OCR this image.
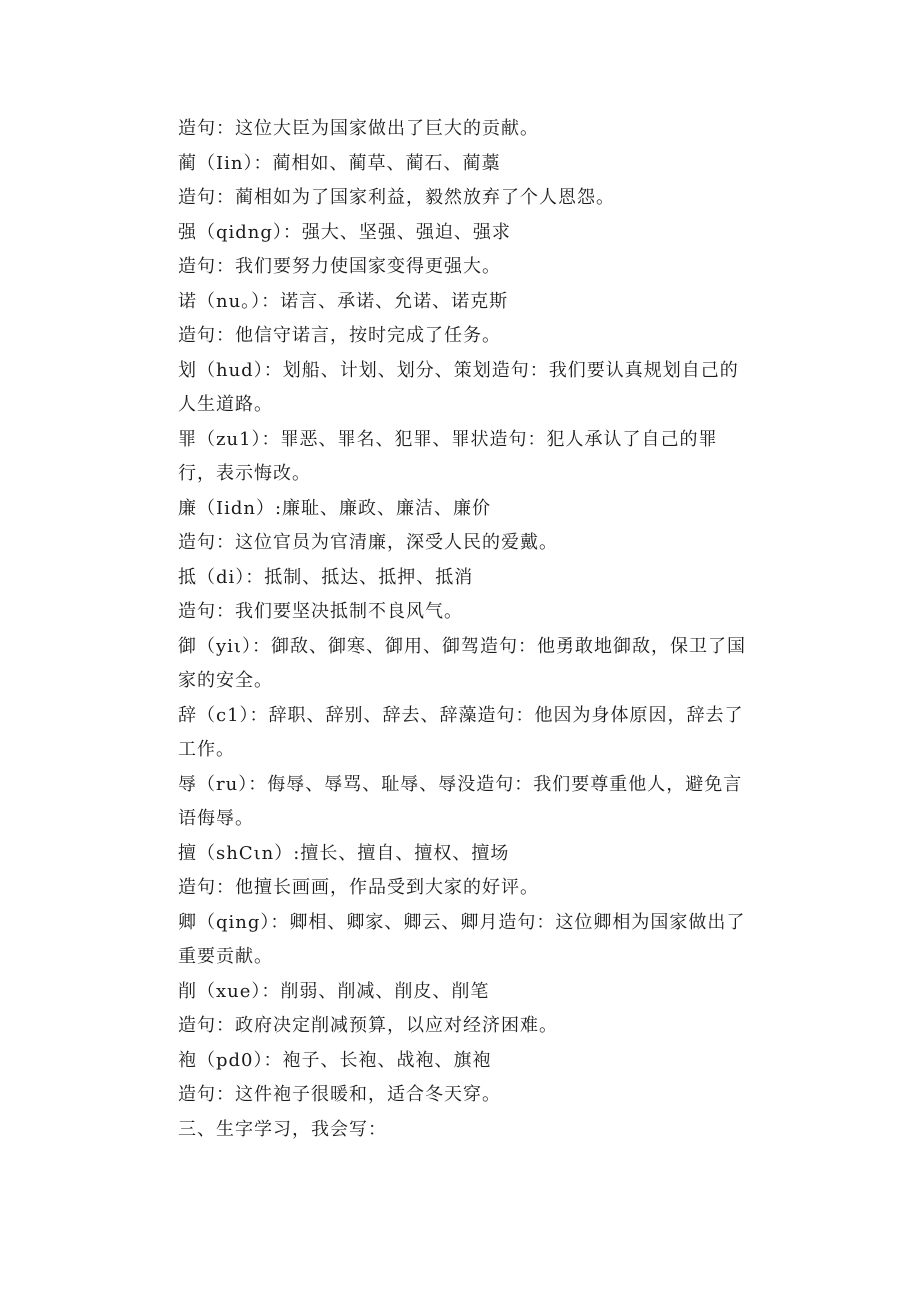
造句：这位大臣为国家做出了巨大的贡献。
蔺（Iin）：蔺相如、蔺草、蔺石、蔺藁
造句：蔺相如为了国家利益，毅然放弃了个人恩怨。
强（qidng）：强大、坚强、强迫、强求
造句：我们要努力使国家变得更强大。
诺（nu。）：诺言、承诺、允诺、诺克斯
造句：他信守诺言，按时完成了任务。
划（hud）：划船、计划、划分、策划造句：我们要认真规划自己的
人生道路。
罪（zu1）：罪恶、罪名、犯罪、罪状造句：犯人承认了自己的罪
行，表示悔改。
廉（Iidn）:廉耻、廉政、廉洁、廉价
造句：这位官员为官清廉，深受人民的爱戴。
抵（di）：抵制、抵达、抵押、抵消
造句：我们要坚决抵制不良风气。
御（yiι）：御敌、御寒、御用、御驾造句：他勇敢地御敌，保卫了国
家的安全。
辞（c1）：辞职、辞别、辞去、辞藻造句：他因为身体原因，辞去了
工作。
辱（ru）：侮辱、辱骂、耻辱、辱没造句：我们要尊重他人，避免言
语侮辱。
擅（shCιn）:擅长、擅自、擅权、擅场
造句：他擅长画画，作品受到大家的好评。
卿（qing）：卿相、卿家、卿云、卿月造句：这位卿相为国家做出了
重要贡献。
削（xue）：削弱、削减、削皮、削笔
造句：政府决定削减预算，以应对经济困难。
袍（pd0）：袍子、长袍、战袍、旗袍
造句：这件袍子很暖和，适合冬天穿。
三、生字学习，我会写：
